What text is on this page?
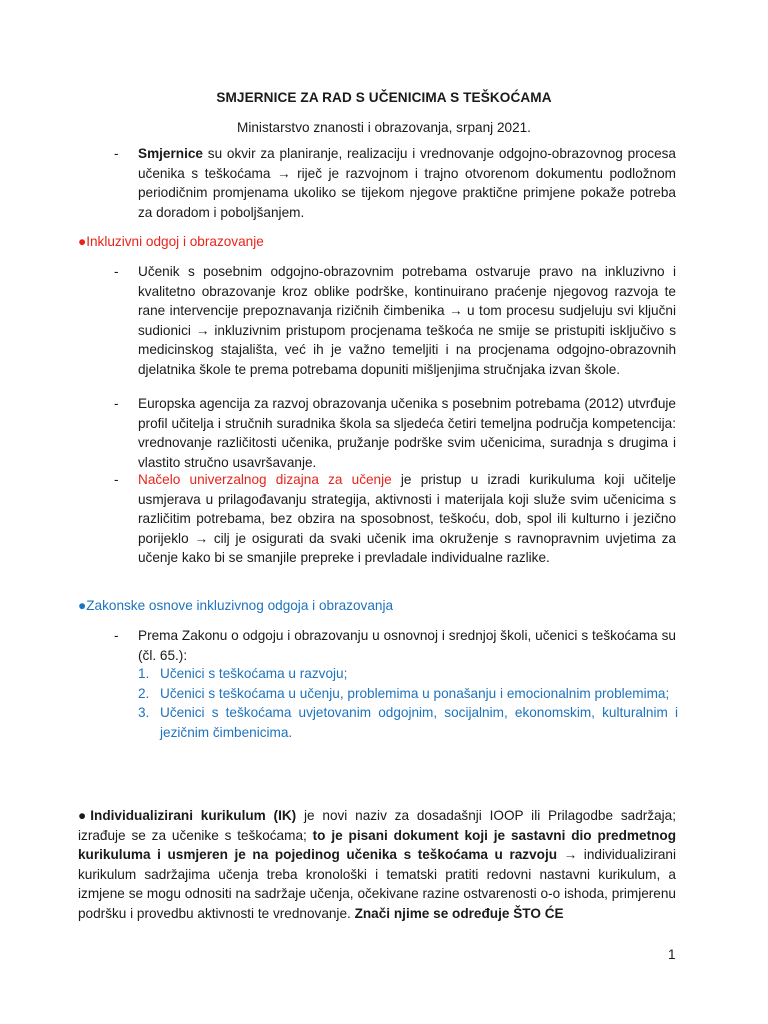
SMJERNICE ZA RAD S UČENICIMA S TEŠKOĆAMA
Ministarstvo znanosti i obrazovanja, srpanj 2021.
- Smjernice su okvir za planiranje, realizaciju i vrednovanje odgojno-obrazovnog procesa učenika s teškoćama → riječ je razvojnom i trajno otvorenom dokumentu podložnom periodičnim promjenama ukoliko se tijekom njegove praktične primjene pokaže potreba za doradom i poboljšanjem.
●Inkluzivni odgoj i obrazovanje
- Učenik s posebnim odgojno-obrazovnim potrebama ostvaruje pravo na inkluzivno i kvalitetno obrazovanje kroz oblike podrške, kontinuirano praćenje njegovog razvoja te rane intervencije prepoznavanja rizičnih čimbenika → u tom procesu sudjeluju svi ključni sudionici → inkluzivnim pristupom procjenama teškoća ne smije se pristupiti isključivo s medicinskog stajališta, već ih je važno temeljiti i na procjenama odgojno-obrazovnih djelatnika škole te prema potrebama dopuniti mišljenjima stručnjaka izvan škole.
- Europska agencija za razvoj obrazovanja učenika s posebnim potrebama (2012) utvrđuje profil učitelja i stručnih suradnika škola sa sljedeća četiri temeljna područja kompetencija: vrednovanje različitosti učenika, pružanje podrške svim učenicima, suradnja s drugima i vlastito stručno usavršavanje.
- Načelo univerzalnog dizajna za učenje je pristup u izradi kurikuluma koji učitelje usmjerava u prilagođavanju strategija, aktivnosti i materijala koji služe svim učenicima s različitim potrebama, bez obzira na sposobnost, teškoću, dob, spol ili kulturno i jezično porijeklo → cilj je osigurati da svaki učenik ima okruženje s ravnopravnim uvjetima za učenje kako bi se smanjile prepreke i prevladale individualne razlike.
●Zakonske osnove inkluzivnog odgoja i obrazovanja
- Prema Zakonu o odgoju i obrazovanju u osnovnoj i srednjoj školi, učenici s teškoćama su (čl. 65.):
1. Učenici s teškoćama u razvoju;
2. Učenici s teškoćama u učenju, problemima u ponašanju i emocionalnim problemima;
3. Učenici s teškoćama uvjetovanim odgojnim, socijalnim, ekonomskim, kulturalnim i jezičnim čimbenicima.
●Individualizirani kurikulum (IK) je novi naziv za dosadašnji IOOP ili Prilagodbe sadržaja; izrađuje se za učenike s teškoćama; to je pisani dokument koji je sastavni dio predmetnog kurikuluma i usmjeren je na pojedinog učenika s teškoćama u razvoju → individualizirani kurikulum sadržajima učenja treba kronološki i tematski pratiti redovni nastavni kurikulum, a izmjene se mogu odnositi na sadržaje učenja, očekivane razine ostvarenosti o-o ishoda, primjerenu podršku i provedbu aktivnosti te vrednovanje. Znači njime se određuje ŠTO ĆE
1
